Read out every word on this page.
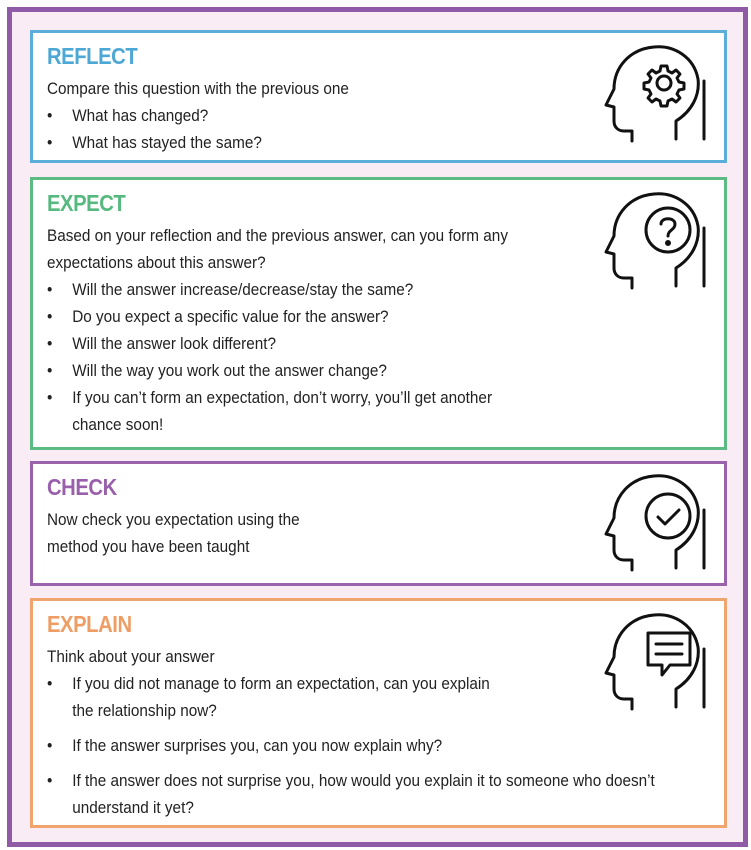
REFLECT
Compare this question with the previous one
• What has changed?
• What has stayed the same?
EXPECT
Based on your reflection and the previous answer, can you form any
expectations about this answer?
• Will the answer increase/decrease/stay the same?
• Do you expect a specific value for the answer?
• Will the answer look different?
• Will the way you work out the answer change?
• If you can’t form an expectation, don’t worry, you’ll get another
chance soon!
CHECK
Now check you expectation using the
method you have been taught
EXPLAIN
Think about your answer
• If you did not manage to form an expectation, can you explain
the relationship now?
• If the answer surprises you, can you now explain why?
• If the answer does not surprise you, how would you explain it to someone who doesn’t
understand it yet?
